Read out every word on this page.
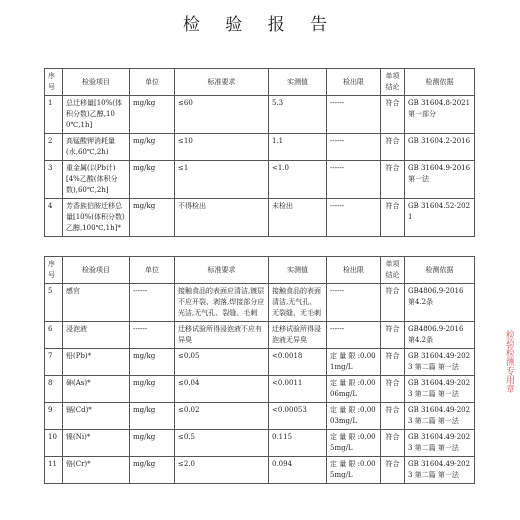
检 验 报 告
序号	检验项目	单位	标准要求	实测值	检出限	单项结论	检测依据
1	总迁移量[10%(体积分数)乙醇,100℃,1h]	mg/kg	≤60	5.3	------	符合	GB 31604.8-2021 第一部分
2	高锰酸钾消耗量(水,60℃,2h)	mg/kg	≤10	1.1	------	符合	GB 31604.2-2016
3	重金属(以Pb计)[4%乙酸(体积分数),60℃,2h]	mg/kg	≤1	<1.0	------	符合	GB 31604.9-2016 第一法
4	芳香族伯胺迁移总量[10%(体积分数)乙醇,100℃,1h]*	mg/kg	不得检出	未检出	------	符合	GB 31604.52-2021
序号	检验项目	单位	标准要求	实测值	检出限	单项结论	检测依据
5	感官	------	接触食品的表面应清洁,镀层不应开裂、剥落,焊接部分应光洁,无气孔、裂缝、毛刺	接触食品的表面清洁,无气孔、无裂缝、无毛刺	------	符合	GB4806.9-2016 第4.2条
6	浸泡液	------	迁移试验所得浸泡液不应有异臭	迁移试验所得浸泡液无异臭	------	符合	GB4806.9-2016 第4.2条
7	铅(Pb)*	mg/kg	≤0.05	<0.0018	定 量 限 :0.001mg/L	符合	GB 31604.49-2023 第二篇 第一法
8	砷(As)*	mg/kg	≤0.04	<0.0011	定 量 限 :0.0006mg/L	符合	GB 31604.49-2023 第二篇 第一法
9	镉(Cd)*	mg/kg	≤0.02	<0.00053	定 量 限 :0.0003mg/L	符合	GB 31604.49-2023 第二篇 第一法
10	镍(Ni)*	mg/kg	≤0.5	0.115	定 量 限 :0.005mg/L	符合	GB 31604.49-2023 第二篇 第一法
11	铬(Cr)*	mg/kg	≤2.0	0.094	定 量 限 :0.005mg/L	符合	GB 31604.49-2023 第二篇 第一法
检验检测专用章
